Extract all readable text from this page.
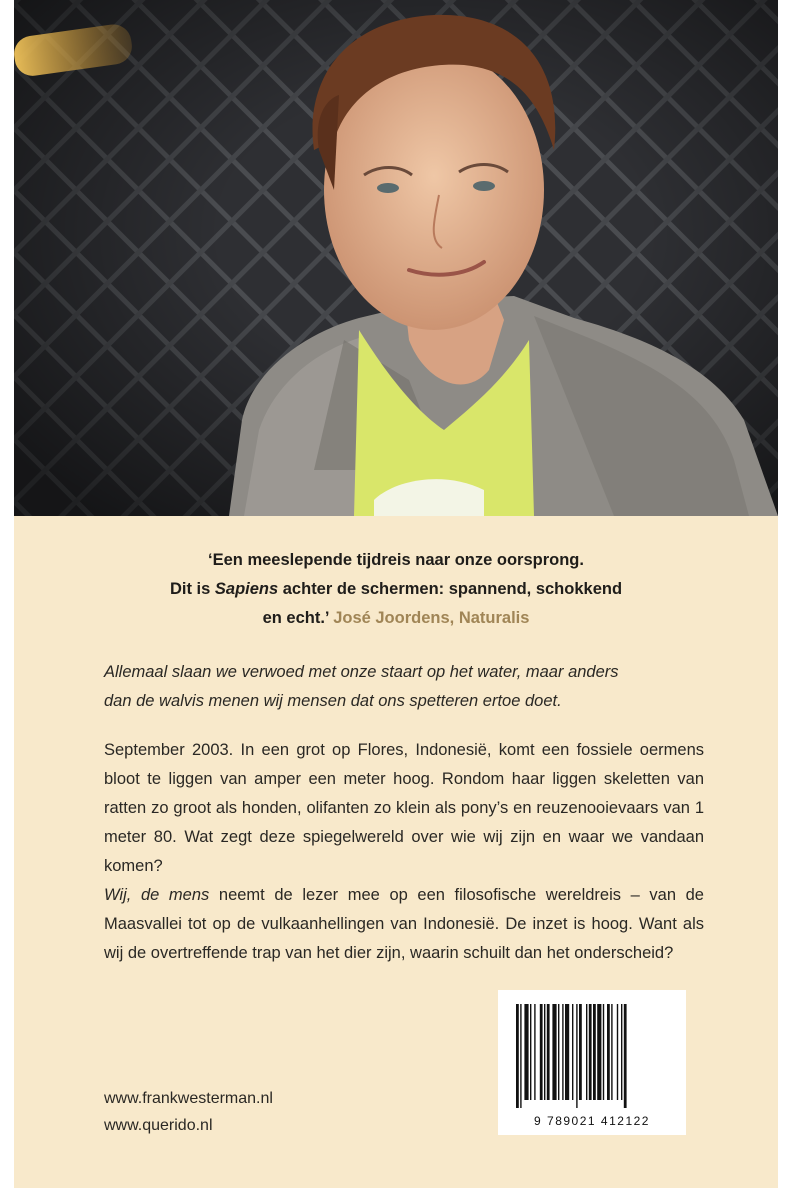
‘Een meeslepende tijdreis naar onze oorsprong.
Dit is Sapiens achter de schermen: spannend, schokkend
en echt.’ José Joordens, Naturalis
Allemaal slaan we verwoed met onze staart op het water, maar anders
dan de walvis menen wij mensen dat ons spetteren ertoe doet.

September 2003. In een grot op Flores, Indonesië, komt een fossiele oermens bloot te liggen van amper een meter hoog. Rondom haar liggen skeletten van ratten zo groot als honden, olifanten zo klein als pony’s en reuzenooievaars van 1 meter 80. Wat zegt deze spiegelwereld over wie wij zijn en waar we vandaan komen?

Wij, de mens neemt de lezer mee op een filosofische wereldreis – van de Maasvallei tot op de vulkaanhellingen van Indonesië. De inzet is hoog. Want als wij de overtreffende trap van het dier zijn, waarin schuilt dan het onderscheid?

www.frankwesterman.nl
www.querido.nl	9 789021 412122
